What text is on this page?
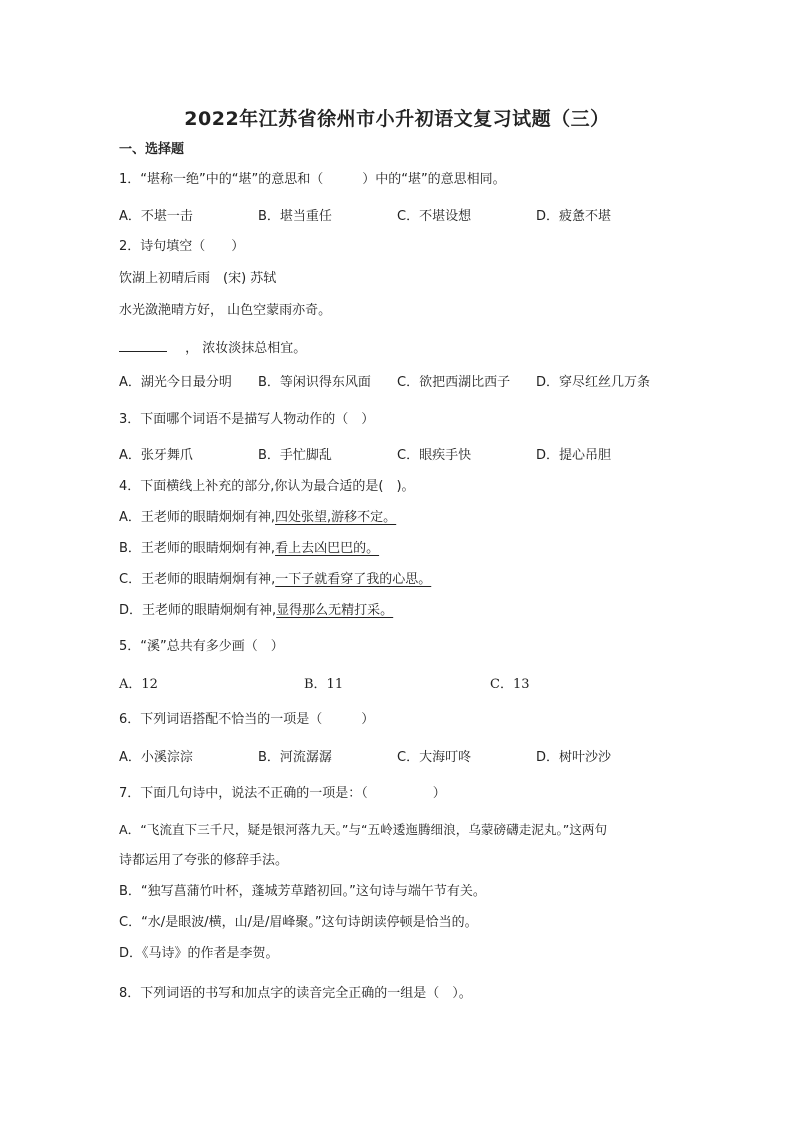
2022年江苏省徐州市小升初语文复习试题（三）
一、选择题
1．“堪称一绝”中的“堪”的意思和（　　　）中的“堪”的意思相同。
A．不堪一击	B．堪当重任	C．不堪设想	D．疲惫不堪
2．诗句填空（　　）
饮湖上初晴后雨　(宋) 苏轼
水光潋滟晴方好， 山色空蒙雨亦奇。
， 浓妆淡抹总相宜。
A．湖光今日最分明 B．等闲识得东风面 C．欲把西湖比西子 D．穿尽红丝几万条
3．下面哪个词语不是描写人物动作的（　）
A．张牙舞爪	B．手忙脚乱	C．眼疾手快	D．提心吊胆
4．下面横线上补充的部分,你认为最合适的是(　)。
A．王老师的眼睛炯炯有神,四处张望,游移不定。
B．王老师的眼睛炯炯有神,看上去凶巴巴的。
C．王老师的眼睛炯炯有神,一下子就看穿了我的心思。
D．王老师的眼睛炯炯有神,显得那么无精打采。
5．“溪”总共有多少画（　）
A．12	B．11	C．13
6．下列词语搭配不恰当的一项是（　　　）
A．小溪淙淙	B．河流潺潺	C．大海叮咚	D．树叶沙沙
7．下面几句诗中，说法不正确的一项是：（　　　　　）
A．“飞流直下三千尺，疑是银河落九天。”与“五岭逶迤腾细浪，乌蒙磅礴走泥丸。”这两句
诗都运用了夸张的修辞手法。
B．“独写菖蒲竹叶杯，蓬城芳草踏初回。”这句诗与端午节有关。
C．“水/是眼波/横，山/是/眉峰聚。”这句诗朗读停顿是恰当的。
D．《马诗》的作者是李贺。
8．下列词语的书写和加点字的读音完全正确的一组是（　）。
